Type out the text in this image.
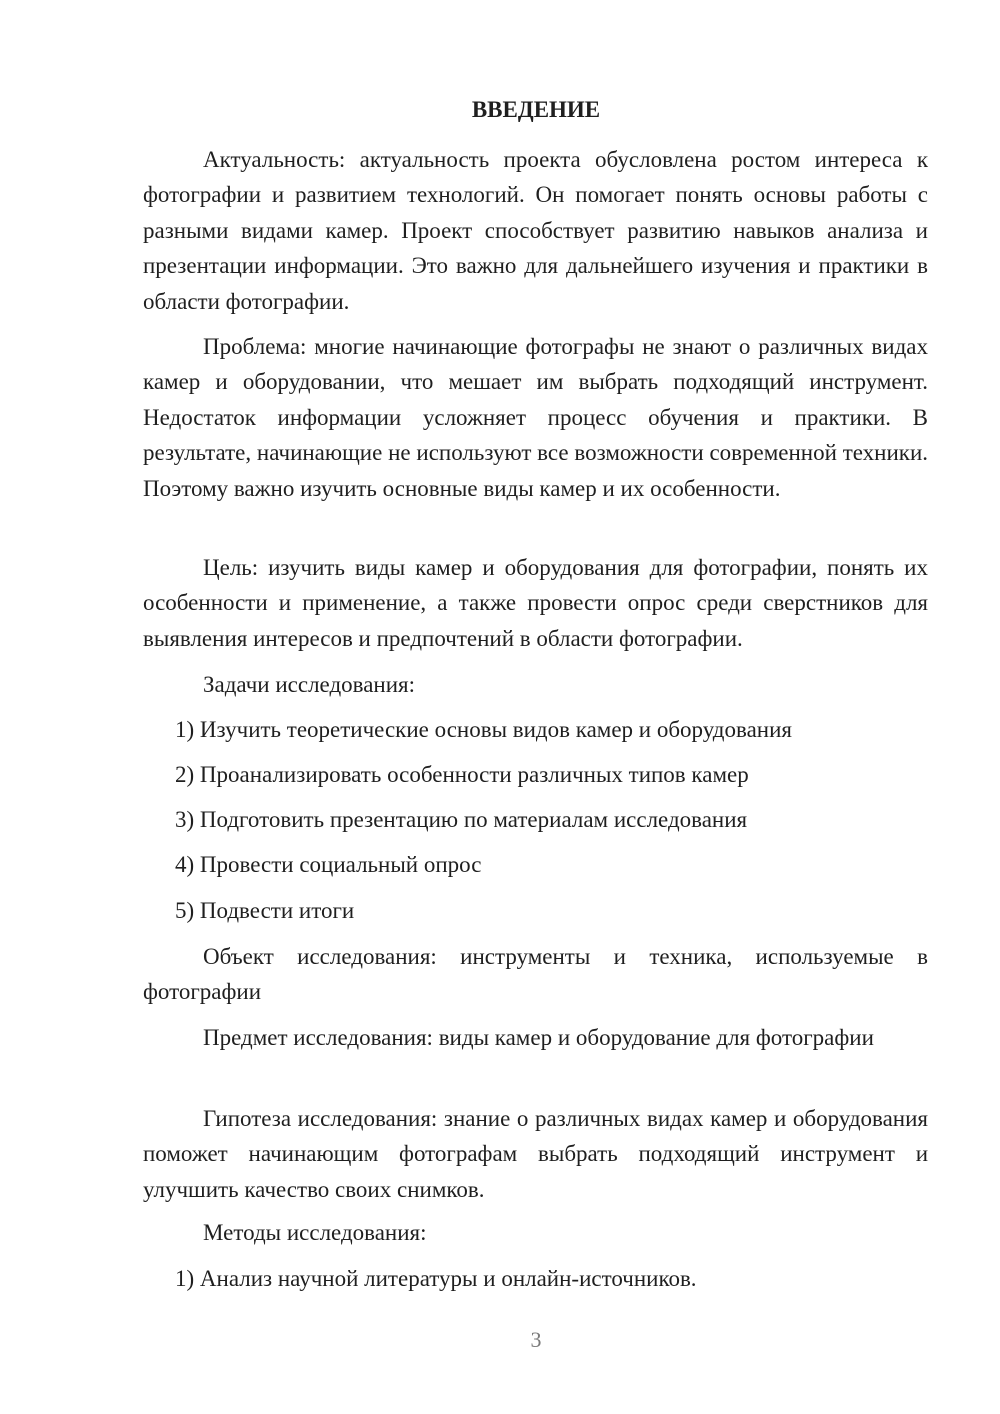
ВВЕДЕНИЕ

Актуальность: актуальность проекта обусловлена ростом интереса к фотографии и развитием технологий. Он помогает понять основы работы с разными видами камер. Проект способствует развитию навыков анализа и презентации информации. Это важно для дальнейшего изучения и практики в области фотографии.

Проблема: многие начинающие фотографы не знают о различных видах камер и оборудовании, что мешает им выбрать подходящий инструмент. Недостаток информации усложняет процесс обучения и практики. В результате, начинающие не используют все возможности современной техники. Поэтому важно изучить основные виды камер и их особенности.

Цель: изучить виды камер и оборудования для фотографии, понять их особенности и применение, а также провести опрос среди сверстников для выявления интересов и предпочтений в области фотографии.

Задачи исследования:

1) Изучить теоретические основы видов камер и оборудования

2) Проанализировать особенности различных типов камер

3) Подготовить презентацию по материалам исследования

4) Провести социальный опрос

5) Подвести итоги

Объект исследования: инструменты и техника, используемые в фотографии

Предмет исследования: виды камер и оборудование для фотографии

Гипотеза исследования: знание о различных видах камер и оборудования поможет начинающим фотографам выбрать подходящий инструмент и улучшить качество своих снимков.

Методы исследования:

1) Анализ научной литературы и онлайн-источников.

3
